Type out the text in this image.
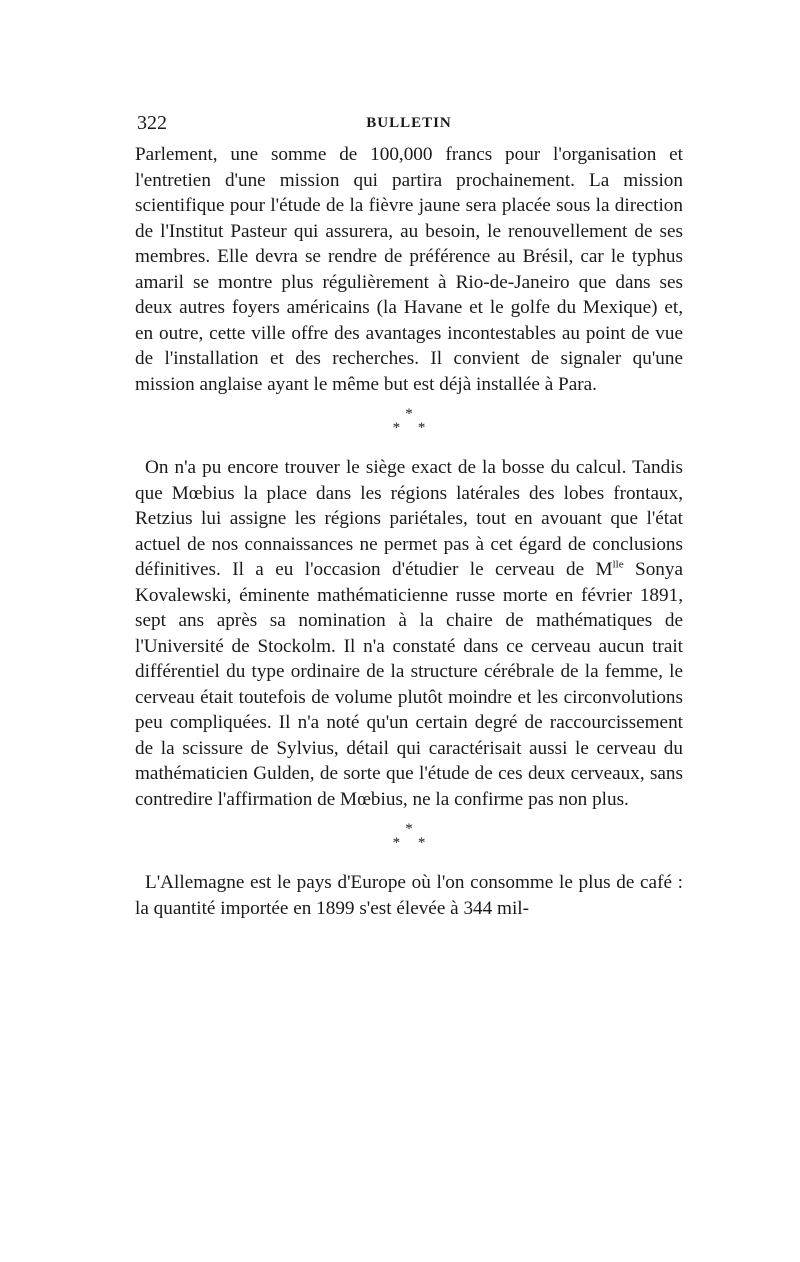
322	BULLETIN

Parlement, une somme de 100,000 francs pour l'organisation et l'entretien d'une mission qui partira prochainement. La mission scientifique pour l'étude de la fièvre jaune sera placée sous la direction de l'Institut Pasteur qui assurera, au besoin, le renouvellement de ses membres. Elle devra se rendre de préférence au Brésil, car le typhus amaril se montre plus régulièrement à Rio-de-Janeiro que dans ses deux autres foyers américains (la Havane et le golfe du Mexique) et, en outre, cette ville offre des avantages incontestables au point de vue de l'installation et des recherches. Il convient de signaler qu'une mission anglaise ayant le même but est déjà installée à Para.

*
* *

On n'a pu encore trouver le siège exact de la bosse du calcul. Tandis que Mœbius la place dans les régions latérales des lobes frontaux, Retzius lui assigne les régions pariétales, tout en avouant que l'état actuel de nos connaissances ne permet pas à cet égard de conclusions définitives. Il a eu l'occasion d'étudier le cerveau de $M^{lle}$ Sonya Kovalewski, éminente mathématicienne russe morte en février 1891, sept ans après sa nomination à la chaire de mathématiques de l'Université de Stockolm. Il n'a constaté dans ce cerveau aucun trait différentiel du type ordinaire de la structure cérébrale de la femme, le cerveau était toutefois de volume plutôt moindre et les circonvolutions peu compliquées. Il n'a noté qu'un certain degré de raccourcissement de la scissure de Sylvius, détail qui caractérisait aussi le cerveau du mathématicien Gulden, de sorte que l'étude de ces deux cerveaux, sans contredire l'affirmation de Mœbius, ne la confirme pas non plus.

*
* *

L'Allemagne est le pays d'Europe où l'on consomme le plus de café : la quantité importée en 1899 s'est élevée à 344 mil-
